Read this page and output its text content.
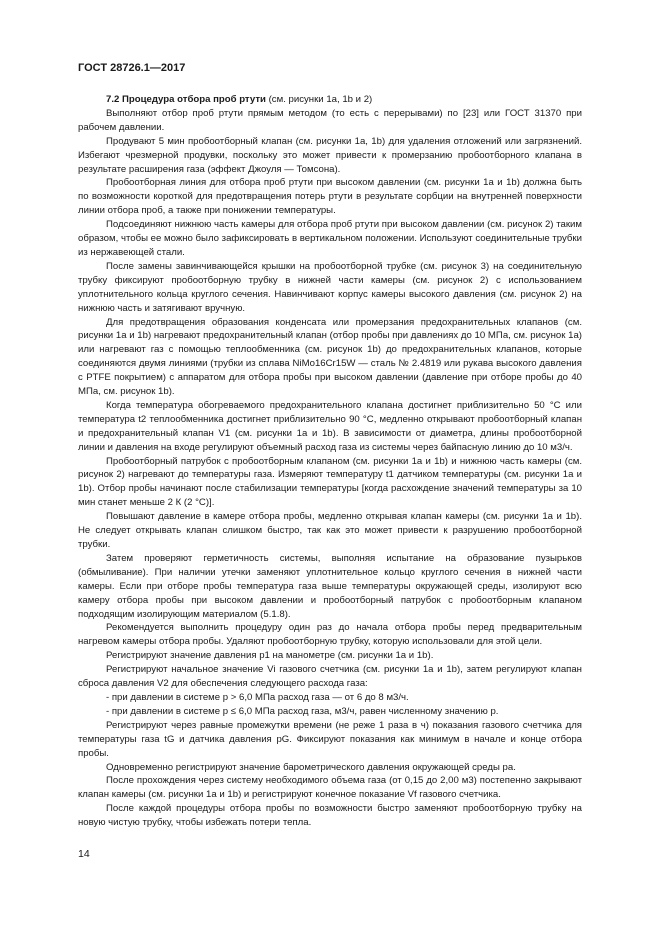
ГОСТ 28726.1—2017

7.2 Процедура отбора проб ртути (см. рисунки 1а, 1b и 2)

Выполняют отбор проб ртути прямым методом (то есть с перерывами) по [23] или ГОСТ 31370 при рабочем давлении.

Продувают 5 мин пробоотборный клапан (см. рисунки 1а, 1b) для удаления отложений или загрязнений. Избегают чрезмерной продувки, поскольку это может привести к промерзанию пробоотборного клапана в результате расширения газа (эффект Джоуля — Томсона).

Пробоотборная линия для отбора проб ртути при высоком давлении (см. рисунки 1а и 1b) должна быть по возможности короткой для предотвращения потерь ртути в результате сорбции на внутренней поверхности линии отбора проб, а также при понижении температуры.

Подсоединяют нижнюю часть камеры для отбора проб ртути при высоком давлении (см. рисунок 2) таким образом, чтобы ее можно было зафиксировать в вертикальном положении. Используют соединительные трубки из нержавеющей стали.

После замены завинчивающейся крышки на пробоотборной трубке (см. рисунок 3) на соединительную трубку фиксируют пробоотборную трубку в нижней части камеры (см. рисунок 2) с использованием уплотнительного кольца круглого сечения. Навинчивают корпус камеры высокого давления (см. рисунок 2) на нижнюю часть и затягивают вручную.

Для предотвращения образования конденсата или промерзания предохранительных клапанов (см. рисунки 1а и 1b) нагревают предохранительный клапан (отбор пробы при давлениях до 10 МПа, см. рисунок 1а) или нагревают газ с помощью теплообменника (см. рисунок 1b) до предохранительных клапанов, которые соединяются двумя линиями (трубки из сплава NiMo16Cr15W — сталь № 2.4819 или рукава высокого давления с PTFE покрытием) с аппаратом для отбора пробы при высоком давлении (давление при отборе пробы до 40 МПа, см. рисунок 1b).

Когда температура обогреваемого предохранительного клапана достигнет приблизительно 50 °С или температура t2 теплообменника достигнет приблизительно 90 °С, медленно открывают пробоотборный клапан и предохранительный клапан V1 (см. рисунки 1а и 1b). В зависимости от диаметра, длины пробоотборной линии и давления на входе регулируют объемный расход газа из системы через байпасную линию до 10 м3/ч.

Пробоотборный патрубок с пробоотборным клапаном (см. рисунки 1а и 1b) и нижнюю часть камеры (см. рисунок 2) нагревают до температуры газа. Измеряют температуру t1 датчиком температуры (см. рисунки 1а и 1b). Отбор пробы начинают после стабилизации температуры [когда расхождение значений температуры за 10 мин станет меньше 2 К (2 °С)].

Повышают давление в камере отбора пробы, медленно открывая клапан камеры (см. рисунки 1а и 1b). Не следует открывать клапан слишком быстро, так как это может привести к разрушению пробоотборной трубки.

Затем проверяют герметичность системы, выполняя испытание на образование пузырьков (обмыливание). При наличии утечки заменяют уплотнительное кольцо круглого сечения в нижней части камеры. Если при отборе пробы температура газа выше температуры окружающей среды, изолируют всю камеру отбора пробы при высоком давлении и пробоотборный патрубок с пробоотборным клапаном подходящим изолирующим материалом (5.1.8).

Рекомендуется выполнить процедуру один раз до начала отбора пробы перед предварительным нагревом камеры отбора пробы. Удаляют пробоотборную трубку, которую использовали для этой цели.

Регистрируют значение давления p1 на манометре (см. рисунки 1а и 1b).

Регистрируют начальное значение Vi газового счетчика (см. рисунки 1а и 1b), затем регулируют клапан сброса давления V2 для обеспечения следующего расхода газа:

- при давлении в системе p > 6,0 МПа расход газа — от 6 до 8 м3/ч.

- при давлении в системе p ≤ 6,0 МПа расход газа, м3/ч, равен численному значению p.

Регистрируют через равные промежутки времени (не реже 1 раза в ч) показания газового счетчика для температуры газа tG и датчика давления pG. Фиксируют показания как минимум в начале и конце отбора пробы.

Одновременно регистрируют значение барометрического давления окружающей среды pa.

После прохождения через систему необходимого объема газа (от 0,15 до 2,00 м3) постепенно закрывают клапан камеры (см. рисунки 1а и 1b) и регистрируют конечное показание Vf газового счетчика.

После каждой процедуры отбора пробы по возможности быстро заменяют пробоотборную трубку на новую чистую трубку, чтобы избежать потери тепла.

14
